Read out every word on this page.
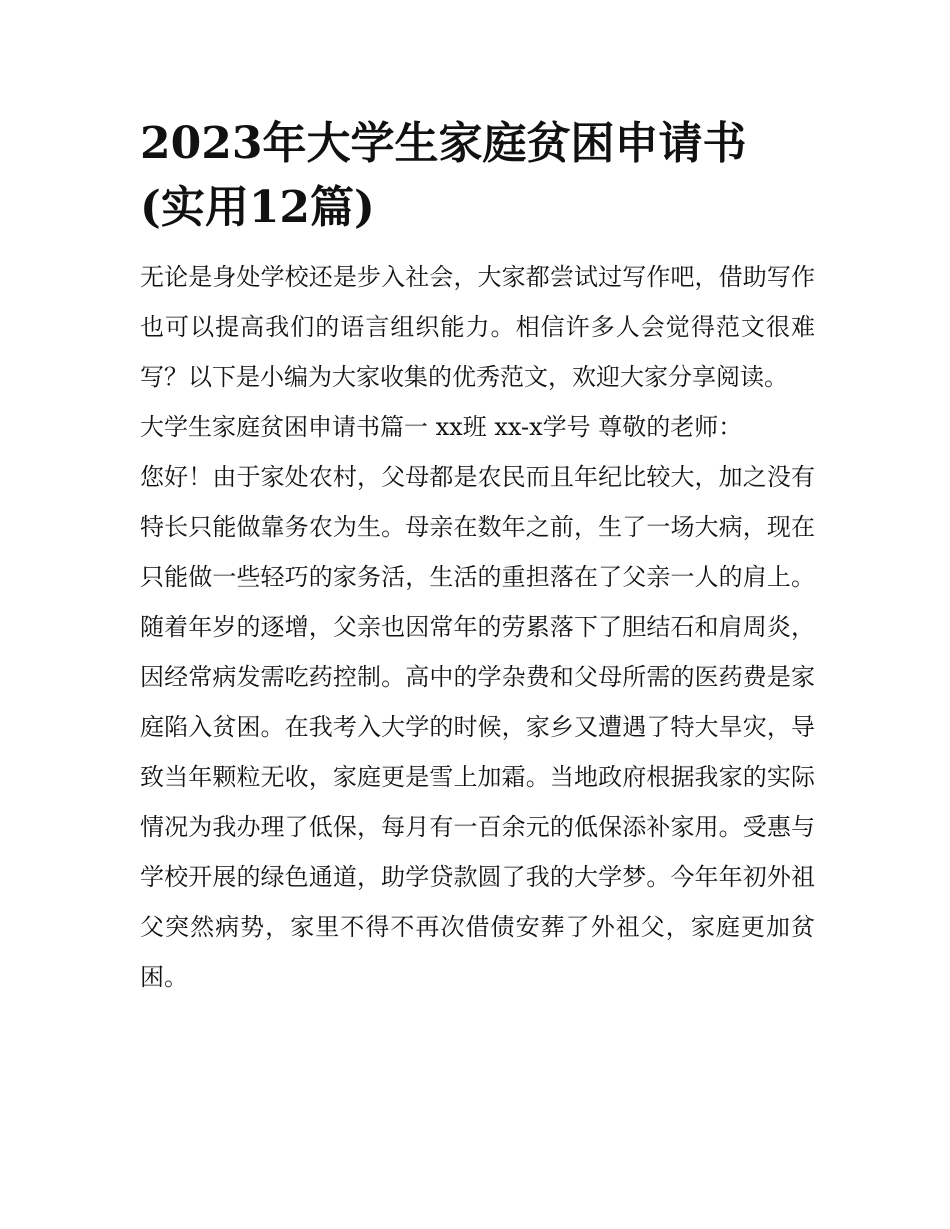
2023年大学生家庭贫困申请书
(实用12篇)

无论是身处学校还是步入社会，大家都尝试过写作吧，借助写作也可以提高我们的语言组织能力。相信许多人会觉得范文很难写？以下是小编为大家收集的优秀范文，欢迎大家分享阅读。

大学生家庭贫困申请书篇一 xx班 xx-x学号 尊敬的老师：

您好！由于家处农村，父母都是农民而且年纪比较大，加之没有特长只能做靠务农为生。母亲在数年之前，生了一场大病，现在只能做一些轻巧的家务活，生活的重担落在了父亲一人的肩上。随着年岁的逐增，父亲也因常年的劳累落下了胆结石和肩周炎，因经常病发需吃药控制。高中的学杂费和父母所需的医药费是家庭陷入贫困。在我考入大学的时候，家乡又遭遇了特大旱灾，导致当年颗粒无收，家庭更是雪上加霜。当地政府根据我家的实际情况为我办理了低保，每月有一百余元的低保添补家用。受惠与学校开展的绿色通道，助学贷款圆了我的大学梦。今年年初外祖父突然病势，家里不得不再次借债安葬了外祖父，家庭更加贫困。
